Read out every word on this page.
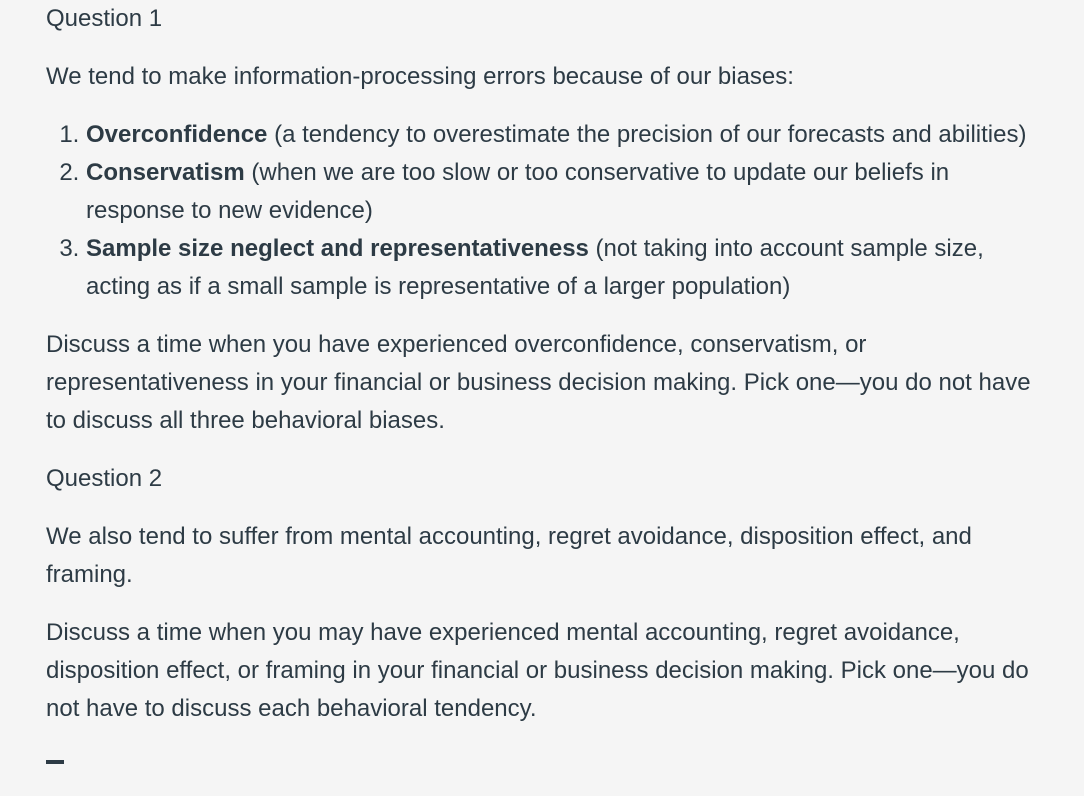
Question 1

We tend to make information-processing errors because of our biases:

1. Overconfidence (a tendency to overestimate the precision of our forecasts and abilities)
2. Conservatism (when we are too slow or too conservative to update our beliefs in response to new evidence)
3. Sample size neglect and representativeness (not taking into account sample size, acting as if a small sample is representative of a larger population)

Discuss a time when you have experienced overconfidence, conservatism, or representativeness in your financial or business decision making. Pick one—you do not have to discuss all three behavioral biases.

Question 2

We also tend to suffer from mental accounting, regret avoidance, disposition effect, and framing.

Discuss a time when you may have experienced mental accounting, regret avoidance, disposition effect, or framing in your financial or business decision making. Pick one—you do not have to discuss each behavioral tendency.
